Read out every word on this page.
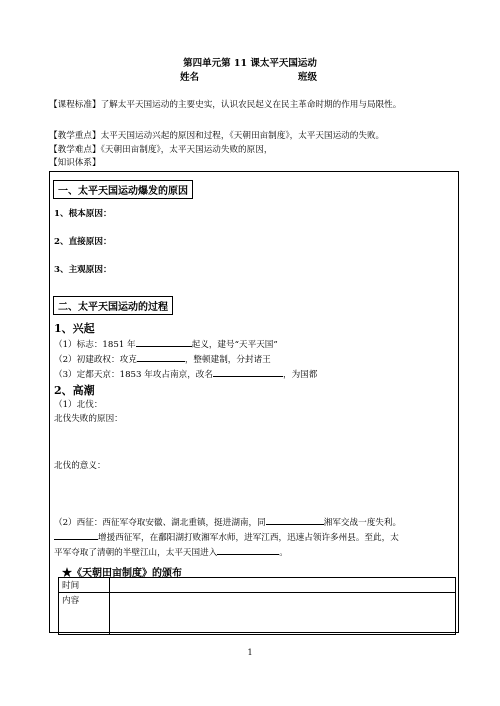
第四单元第 11 课太平天国运动
姓名	班级
【课程标准】了解太平天国运动的主要史实，认识农民起义在民主革命时期的作用与局限性。
【教学重点】太平天国运动兴起的原因和过程，《天朝田亩制度》，太平天国运动的失败。
【教学难点】《天朝田亩制度》，太平天国运动失败的原因，
【知识体系】
一、太平天国运动爆发的原因
1、根本原因：
2、直接原因：
3、主观原因：
二、太平天国运动的过程
1、兴起
（1）标志：1851 年	起义，建号“天平天国”
（2）初建政权：攻克	，整顿建制，分封诸王
（3）定都天京：1853 年攻占南京，改名	，为国都
2、高潮
（1）北伐：
北伐失败的原因：
北伐的意义：
（2）西征：西征军夺取安徽、湖北重镇，挺进湖南，同	湘军交战一度失利。
增援西征军，在鄱阳湖打败湘军水师，进军江西，迅速占领许多州县。至此，太
平军夺取了清朝的半壁江山，太平天国进入	。
★《天朝田亩制度》的颁布
时间	
内容	
1
